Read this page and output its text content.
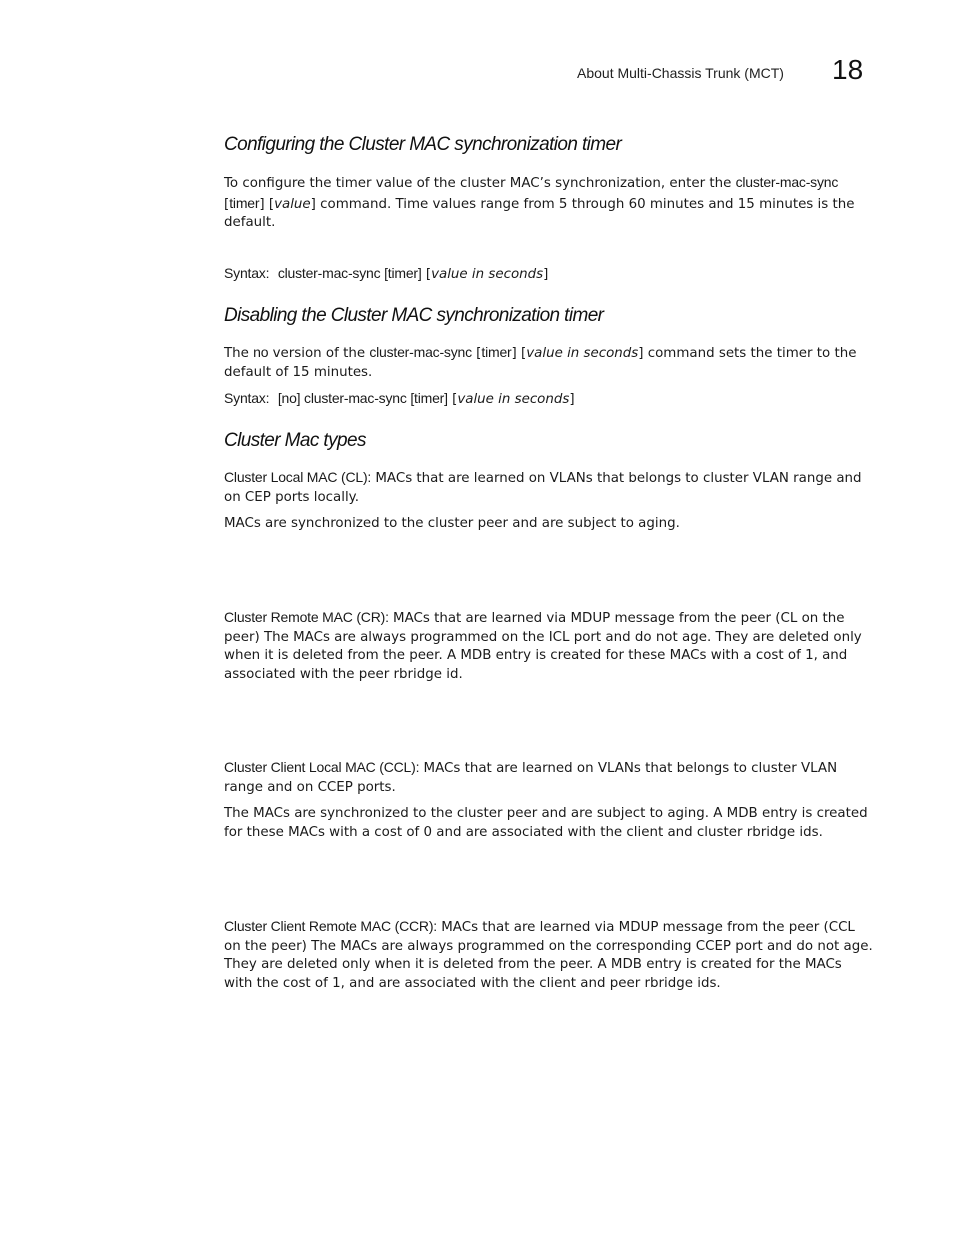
About Multi-Chassis Trunk (MCT) 18
Configuring the Cluster MAC synchronization timer

To configure the timer value of the cluster MAC’s synchronization, enter the cluster-mac-sync
[timer] [value] command. Time values range from 5 through 60 minutes and 15 minutes is the default.

Syntax: cluster-mac-sync [timer] [value in seconds]

Disabling the Cluster MAC synchronization timer

The no version of the cluster-mac-sync [timer] [value in seconds] command sets the timer to the default of 15 minutes.

Syntax: [no] cluster-mac-sync [timer] [value in seconds]

Cluster Mac types

Cluster Local MAC (CL): MACs that are learned on VLANs that belongs to cluster VLAN range and on CEP ports locally.

MACs are synchronized to the cluster peer and are subject to aging.

Cluster Remote MAC (CR): MACs that are learned via MDUP message from the peer (CL on the peer) The MACs are always programmed on the ICL port and do not age. They are deleted only when it is deleted from the peer. A MDB entry is created for these MACs with a cost of 1, and associated with the peer rbridge id.

Cluster Client Local MAC (CCL): MACs that are learned on VLANs that belongs to cluster VLAN range and on CCEP ports.

The MACs are synchronized to the cluster peer and are subject to aging. A MDB entry is created for these MACs with a cost of 0 and are associated with the client and cluster rbridge ids.

Cluster Client Remote MAC (CCR): MACs that are learned via MDUP message from the peer (CCL on the peer) The MACs are always programmed on the corresponding CCEP port and do not age. They are deleted only when it is deleted from the peer. A MDB entry is created for the MACs with the cost of 1, and are associated with the client and peer rbridge ids.
